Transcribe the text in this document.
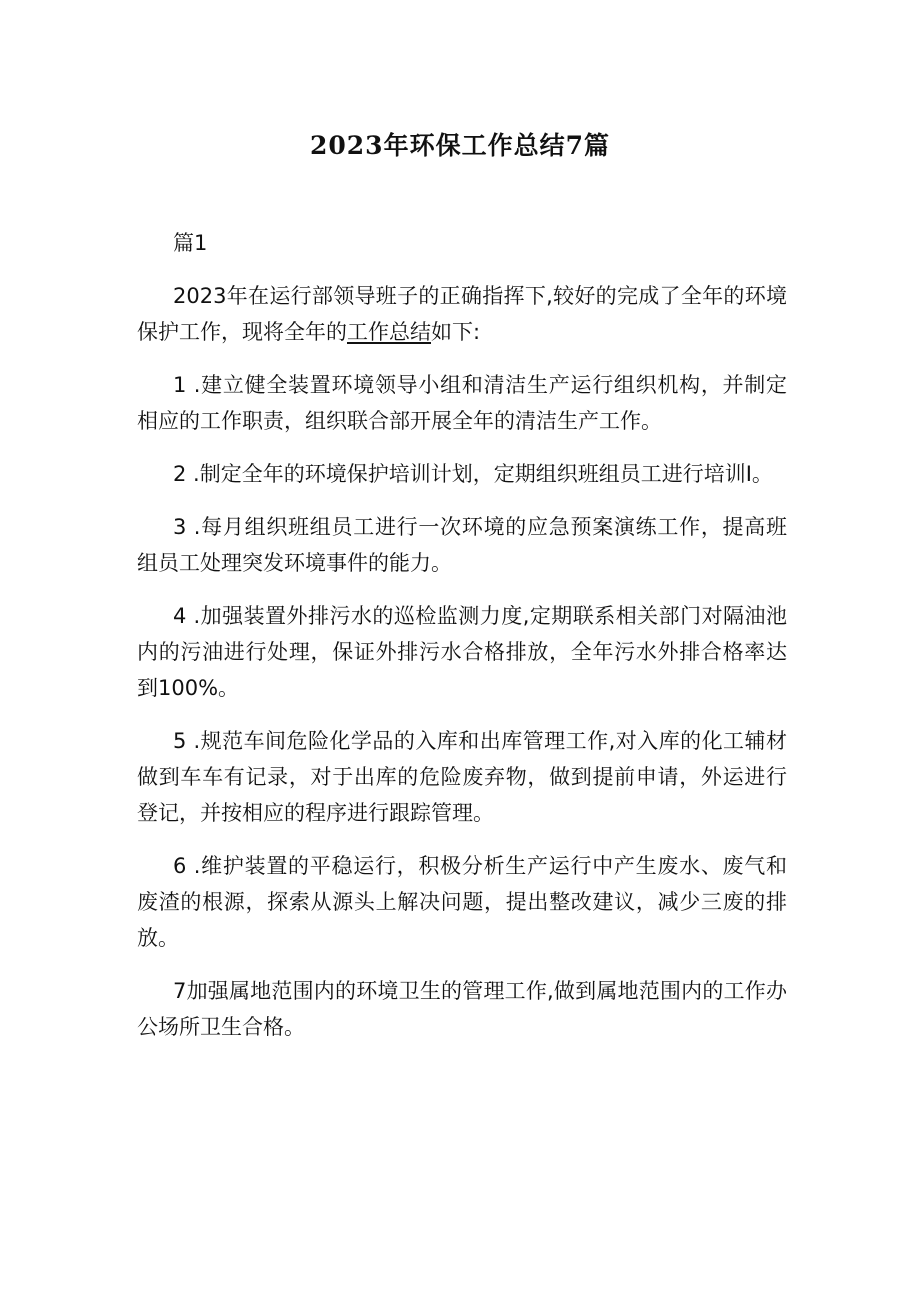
2023年环保工作总结7篇

篇1

2023年在运行部领导班子的正确指挥下,较好的完成了全年的环境保护工作，现将全年的工作总结如下:

1 .建立健全装置环境领导小组和清洁生产运行组织机构，并制定相应的工作职责，组织联合部开展全年的清洁生产工作。

2 .制定全年的环境保护培训计划，定期组织班组员工进行培训I。

3 .每月组织班组员工进行一次环境的应急预案演练工作，提高班组员工处理突发环境事件的能力。

4 .加强装置外排污水的巡检监测力度,定期联系相关部门对隔油池内的污油进行处理，保证外排污水合格排放，全年污水外排合格率达到100%。

5 .规范车间危险化学品的入库和出库管理工作,对入库的化工辅材做到车车有记录，对于出库的危险废弃物，做到提前申请，外运进行登记，并按相应的程序进行跟踪管理。

6 .维护装置的平稳运行，积极分析生产运行中产生废水、废气和废渣的根源，探索从源头上解决问题，提出整改建议，减少三废的排放。

7加强属地范围内的环境卫生的管理工作,做到属地范围内的工作办公场所卫生合格。
